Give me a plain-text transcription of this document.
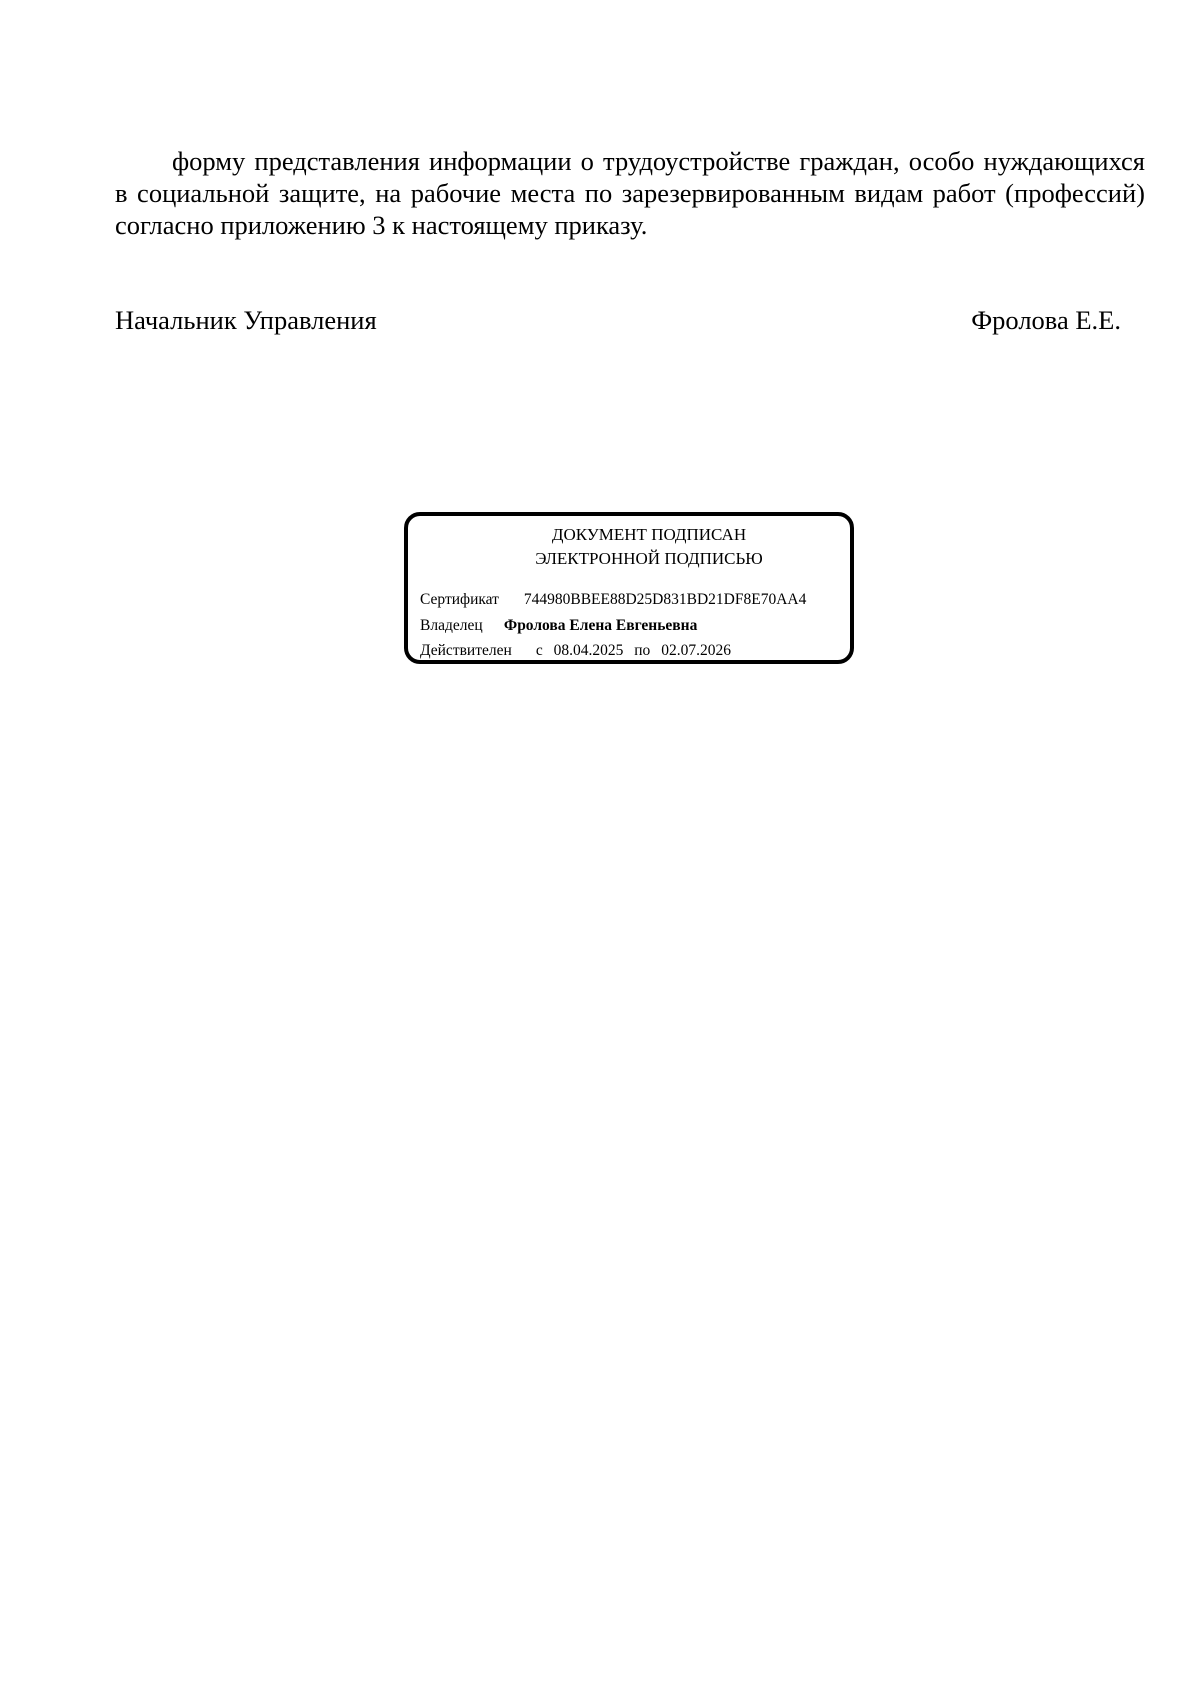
форму представления информации о трудоустройстве граждан, особо нуждающихся в социальной защите, на рабочие места по зарезервированным видам работ (профессий) согласно приложению 3 к настоящему приказу.

Начальник Управления	Фролова Е.Е.
ДОКУМЕНТ ПОДПИСАН
ЭЛЕКТРОННОЙ ПОДПИСЬЮ
Сертификат 744980BBEE88D25D831BD21DF8E70AA4
Владелец Фролова Елена Евгеньевна
Действителен с 08.04.2025 по 02.07.2026
